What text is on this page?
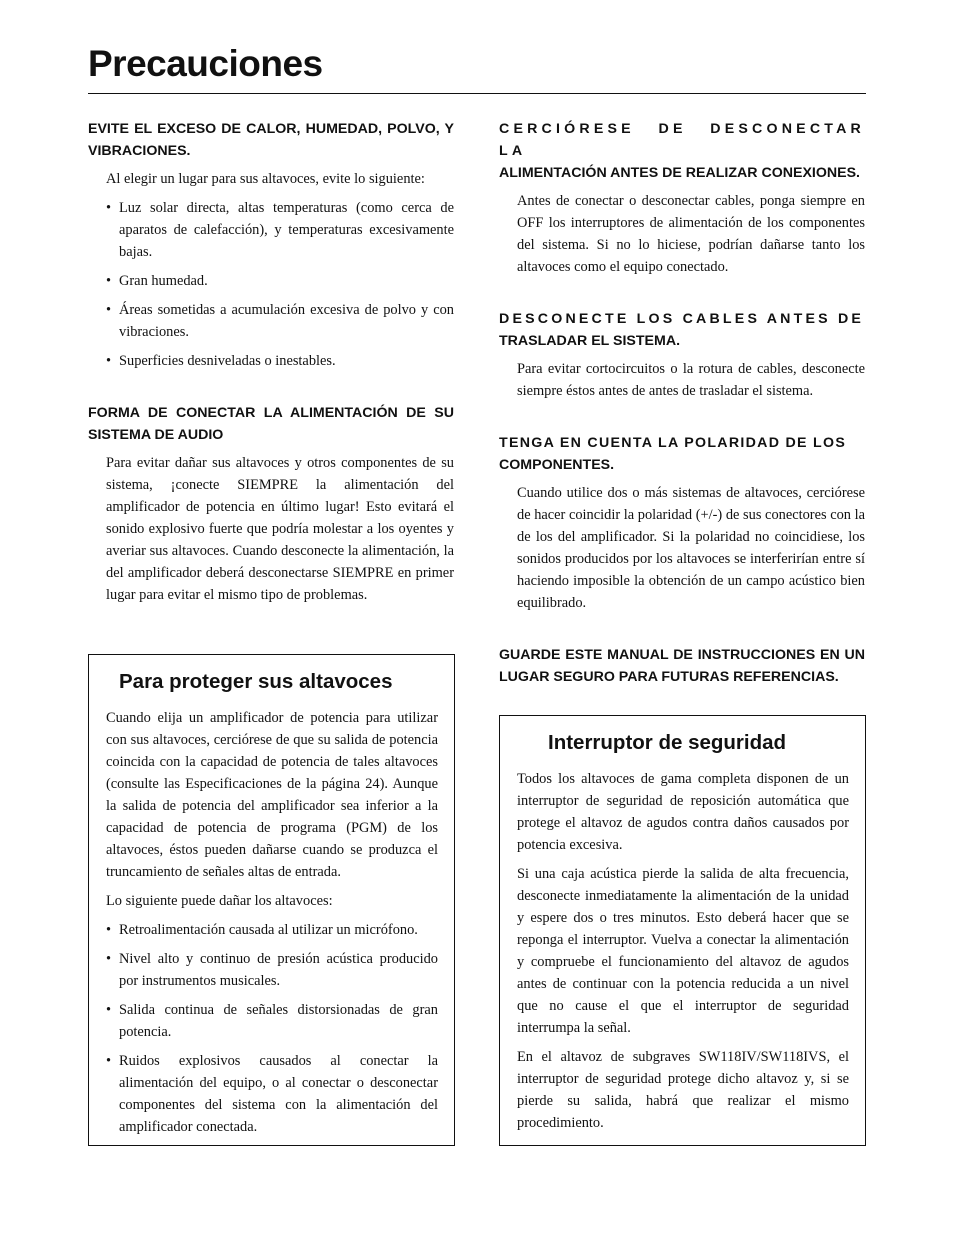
Precauciones

EVITE EL EXCESO DE CALOR, HUMEDAD, POLVO, Y VIBRACIONES.

Al elegir un lugar para sus altavoces, evite lo siguiente:

• Luz solar directa, altas temperaturas (como cerca de aparatos de calefacción), y temperaturas excesivamente bajas.
• Gran humedad.
• Áreas sometidas a acumulación excesiva de polvo y con vibraciones.
• Superficies desniveladas o inestables.

FORMA DE CONECTAR LA ALIMENTACIÓN DE SU SISTEMA DE AUDIO

Para evitar dañar sus altavoces y otros componentes de su sistema, ¡conecte SIEMPRE la alimentación del amplificador de potencia en último lugar! Esto evitará el sonido explosivo fuerte que podría molestar a los oyentes y averiar sus altavoces. Cuando desconecte la alimentación, la del amplificador deberá desconectarse SIEMPRE en primer lugar para evitar el mismo tipo de problemas.

Para proteger sus altavoces

Cuando elija un amplificador de potencia para utilizar con sus altavoces, cerciórese de que su salida de potencia coincida con la capacidad de potencia de tales altavoces (consulte las Especificaciones de la página 24). Aunque la salida de potencia del amplificador sea inferior a la capacidad de potencia de programa (PGM) de los altavoces, éstos pueden dañarse cuando se produzca el truncamiento de señales altas de entrada.

Lo siguiente puede dañar los altavoces:

• Retroalimentación causada al utilizar un micrófono.
• Nivel alto y continuo de presión acústica producido por instrumentos musicales.
• Salida continua de señales distorsionadas de gran potencia.
• Ruidos explosivos causados al conectar la alimentación del equipo, o al conectar o desconectar componentes del sistema con la alimentación del amplificador conectada.

CERCIÓRESE DE DESCONECTAR LA
ALIMENTACIÓN ANTES DE REALIZAR CONEXIONES.

Antes de conectar o desconectar cables, ponga siempre en OFF los interruptores de alimentación de los componentes del sistema. Si no lo hiciese, podrían dañarse tanto los altavoces como el equipo conectado.

DESCONECTE LOS CABLES ANTES DE
TRASLADAR EL SISTEMA.

Para evitar cortocircuitos o la rotura de cables, desconecte siempre éstos antes de antes de trasladar el sistema.

TENGA EN CUENTA LA POLARIDAD DE LOS
COMPONENTES.

Cuando utilice dos o más sistemas de altavoces, cerciórese de hacer coincidir la polaridad (+/-) de sus conectores con la de los del amplificador. Si la polaridad no coincidiese, los sonidos producidos por los altavoces se interferirían entre sí haciendo imposible la obtención de un campo acústico bien equilibrado.

GUARDE ESTE MANUAL DE INSTRUCCIONES EN UN LUGAR SEGURO PARA FUTURAS REFERENCIAS.

Interruptor de seguridad

Todos los altavoces de gama completa disponen de un interruptor de seguridad de reposición automática que protege el altavoz de agudos contra daños causados por potencia excesiva.

Si una caja acústica pierde la salida de alta frecuencia, desconecte inmediatamente la alimentación de la unidad y espere dos o tres minutos. Esto deberá hacer que se reponga el interruptor. Vuelva a conectar la alimentación y compruebe el funcionamiento del altavoz de agudos antes de continuar con la potencia reducida a un nivel que no cause el que el interruptor de seguridad interrumpa la señal.

En el altavoz de subgraves SW118IV/SW118IVS, el interruptor de seguridad protege dicho altavoz y, si se pierde su salida, habrá que realizar el mismo procedimiento.
